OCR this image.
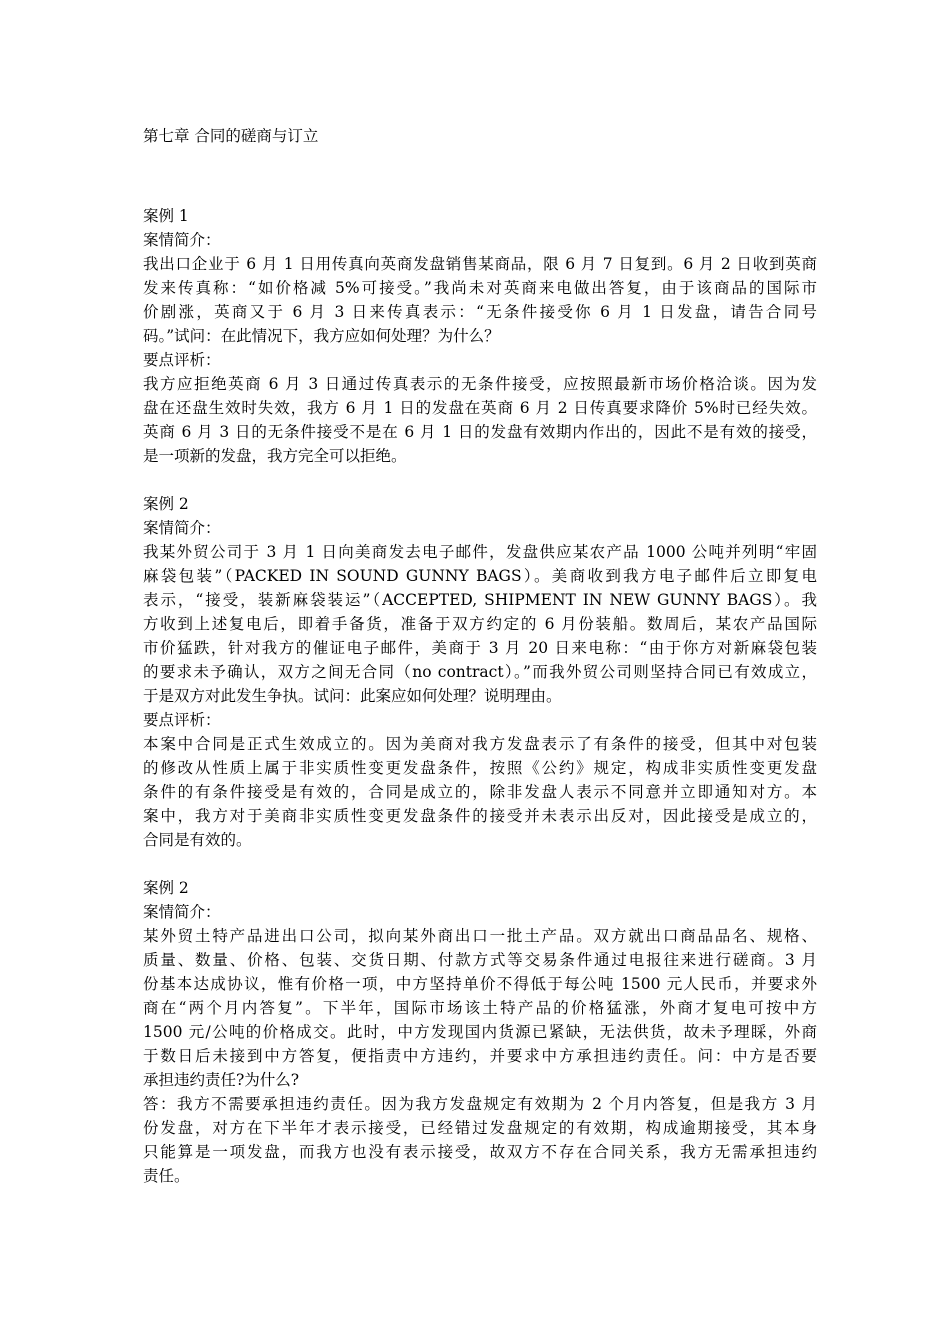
第七章 合同的磋商与订立
案例 1
案情简介：
我出口企业于 6 月 1 日用传真向英商发盘销售某商品，限 6 月 7 日复到。6 月 2 日收到英商
发来传真称：“如价格减 5%可接受。”我尚未对英商来电做出答复，由于该商品的国际市
价剧涨，英商又于 6 月 3 日来传真表示：“无条件接受你 6 月 1 日发盘，请告合同号
码。”试问：在此情况下，我方应如何处理？为什么？
要点评析：
我方应拒绝英商 6 月 3 日通过传真表示的无条件接受，应按照最新市场价格洽谈。因为发
盘在还盘生效时失效，我方 6 月 1 日的发盘在英商 6 月 2 日传真要求降价 5%时已经失效。
英商 6 月 3 日的无条件接受不是在 6 月 1 日的发盘有效期内作出的，因此不是有效的接受，
是一项新的发盘，我方完全可以拒绝。
案例 2
案情简介：
我某外贸公司于 3 月 1 日向美商发去电子邮件，发盘供应某农产品 1000 公吨并列明“牢固
麻袋包装”（PACKED IN SOUND GUNNY BAGS）。美商收到我方电子邮件后立即复电
表示，“接受，装新麻袋装运”（ACCEPTED, SHIPMENT IN NEW GUNNY BAGS）。我
方收到上述复电后，即着手备货，准备于双方约定的 6 月份装船。数周后，某农产品国际
市价猛跌，针对我方的催证电子邮件，美商于 3 月 20 日来电称：“由于你方对新麻袋包装
的要求未予确认，双方之间无合同（no contract）。”而我外贸公司则坚持合同已有效成立，
于是双方对此发生争执。试问：此案应如何处理？说明理由。
要点评析：
本案中合同是正式生效成立的。因为美商对我方发盘表示了有条件的接受，但其中对包装
的修改从性质上属于非实质性变更发盘条件，按照《公约》规定，构成非实质性变更发盘
条件的有条件接受是有效的，合同是成立的，除非发盘人表示不同意并立即通知对方。本
案中，我方对于美商非实质性变更发盘条件的接受并未表示出反对，因此接受是成立的，
合同是有效的。
案例 2
案情简介：
某外贸土特产品进出口公司，拟向某外商出口一批土产品。双方就出口商品品名、规格、
质量、数量、价格、包装、交货日期、付款方式等交易条件通过电报往来进行磋商。3 月
份基本达成协议，惟有价格一项，中方坚持单价不得低于每公吨 1500 元人民币，并要求外
商在“两个月内答复”。下半年，国际市场该土特产品的价格猛涨，外商才复电可按中方
1500 元/公吨的价格成交。此时，中方发现国内货源已紧缺，无法供货，故未予理睬，外商
于数日后未接到中方答复，便指责中方违约，并要求中方承担违约责任。问：中方是否要
承担违约责任?为什么?
答：我方不需要承担违约责任。因为我方发盘规定有效期为 2 个月内答复，但是我方 3 月
份发盘，对方在下半年才表示接受，已经错过发盘规定的有效期，构成逾期接受，其本身
只能算是一项发盘，而我方也没有表示接受，故双方不存在合同关系，我方无需承担违约
责任。
